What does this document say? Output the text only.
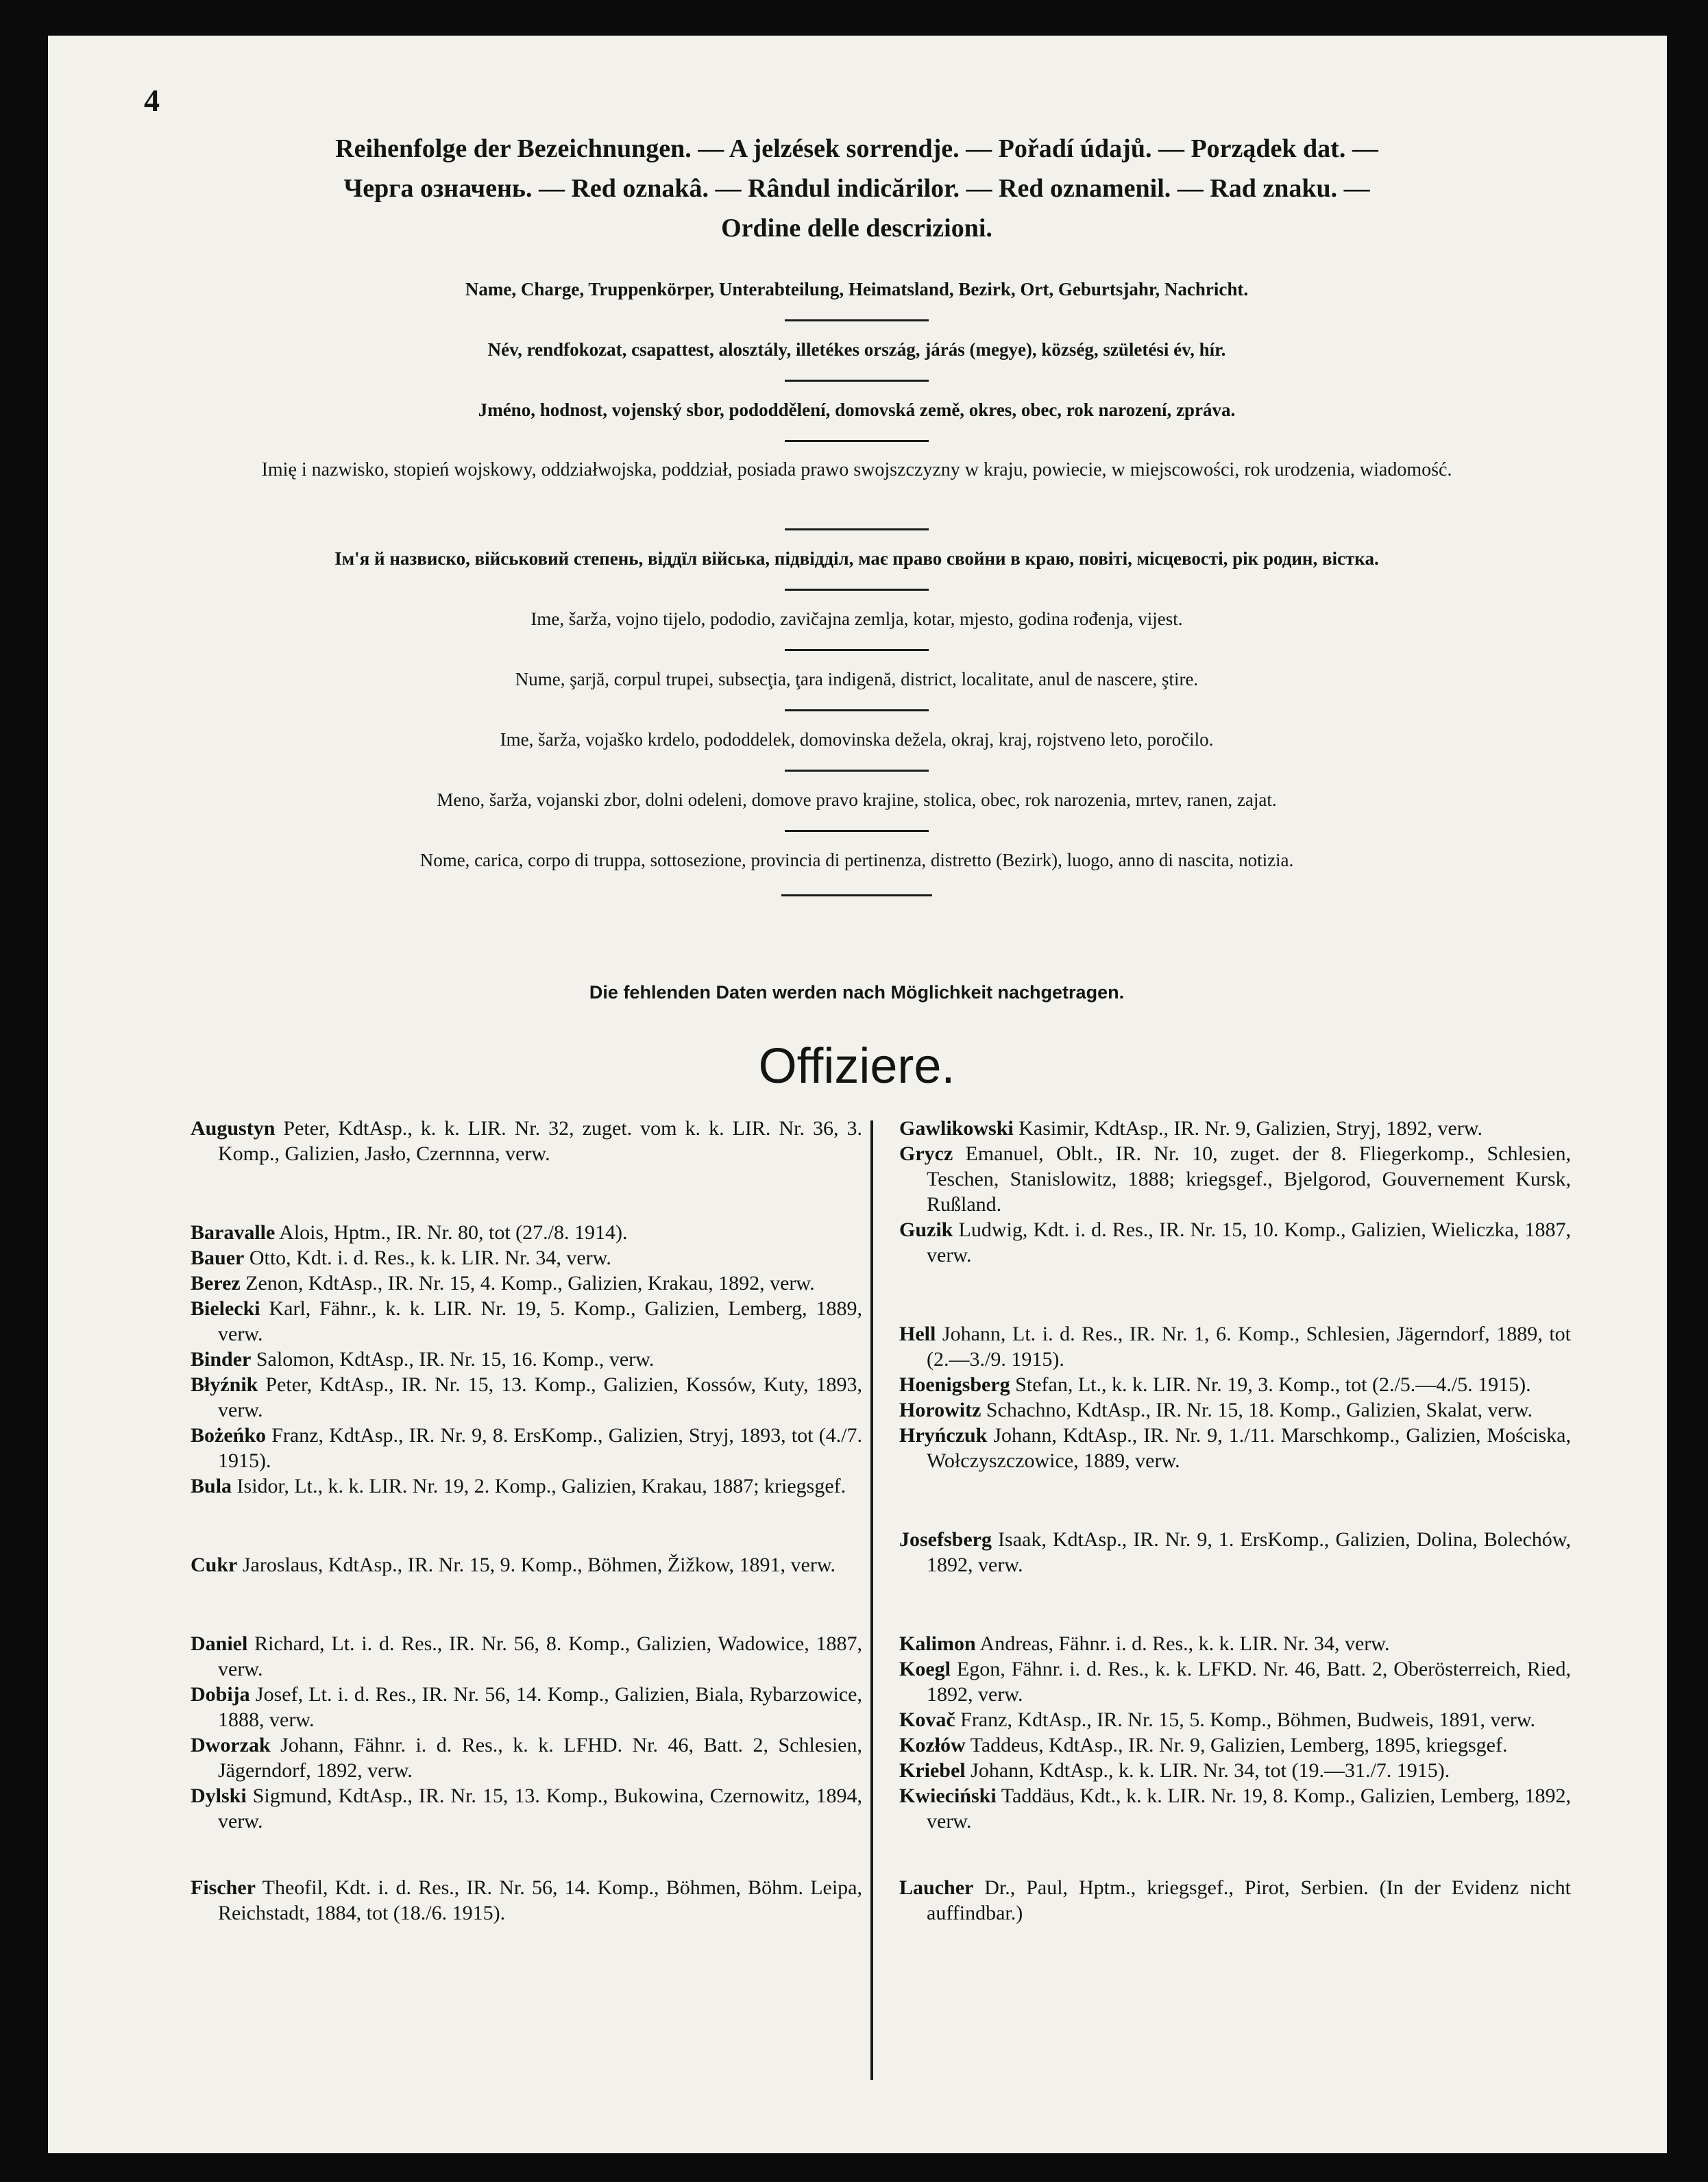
4
Reihenfolge der Bezeichnungen. — A jelzések sorrendje. — Pořadí údajů. — Porządek dat. —
Черга означень. — Red oznakâ. — Rândul indicărilor. — Red oznamenil. — Rad znaku. —
Ordine delle descrizioni.
Name, Charge, Truppenkörper, Unterabteilung, Heimatsland, Bezirk, Ort, Geburtsjahr, Nachricht.
Név, rendfokozat, csapattest, alosztály, illetékes ország, járás (megye), község, születési év, hír.
Jméno, hodnost, vojenský sbor, pododdělení, domovská země, okres, obec, rok narození, zpráva.
Imię i nazwisko, stopień wojskowy, oddziałwojska, poddział, posiada prawo swojszczyzny w kraju, powiecie, w miejscowości, rok urodzenia, wiadomość.
Ім'я й назвиско, військовий степень, віддїл війська, підвідділ, має право свойни в краю, повіті, місцевості, рік родин, вістка.
Ime, šarža, vojno tijelo, pododio, zavičajna zemlja, kotar, mjesto, godina rođenja, vijest.
Nume, şarjă, corpul trupei, subsecţia, ţara indigenă, district, localitate, anul de nascere, ştire.
Ime, šarža, vojaško krdelo, pododdelek, domovinska dežela, okraj, kraj, rojstveno leto, poročilo.
Meno, šarža, vojanski zbor, dolni odeleni, domove pravo krajine, stolica, obec, rok narozenia, mrtev, ranen, zajat.
Nome, carica, corpo di truppa, sottosezione, provincia di pertinenza, distretto (Bezirk), luogo, anno di nascita, notizia.
Die fehlenden Daten werden nach Möglichkeit nachgetragen.
Offiziere.

Augustyn Peter, KdtAsp., k. k. LIR. Nr. 32, zuget. vom k. k. LIR. Nr. 36, 3. Komp., Galizien, Jasło, Czernnna, verw.

Baravalle Alois, Hptm., IR. Nr. 80, tot (27./8. 1914).

Bauer Otto, Kdt. i. d. Res., k. k. LIR. Nr. 34, verw.

Berez Zenon, KdtAsp., IR. Nr. 15, 4. Komp., Galizien, Krakau, 1892, verw.

Bielecki Karl, Fähnr., k. k. LIR. Nr. 19, 5. Komp., Galizien, Lemberg, 1889, verw.

Binder Salomon, KdtAsp., IR. Nr. 15, 16. Komp., verw.

Błyźnik Peter, KdtAsp., IR. Nr. 15, 13. Komp., Galizien, Kossów, Kuty, 1893, verw.

Bożeńko Franz, KdtAsp., IR. Nr. 9, 8. ErsKomp., Galizien, Stryj, 1893, tot (4./7. 1915).

Bula Isidor, Lt., k. k. LIR. Nr. 19, 2. Komp., Galizien, Krakau, 1887; kriegsgef.

Cukr Jaroslaus, KdtAsp., IR. Nr. 15, 9. Komp., Böhmen, Žižkow, 1891, verw.

Daniel Richard, Lt. i. d. Res., IR. Nr. 56, 8. Komp., Galizien, Wadowice, 1887, verw.

Dobija Josef, Lt. i. d. Res., IR. Nr. 56, 14. Komp., Galizien, Biala, Rybarzowice, 1888, verw.

Dworzak Johann, Fähnr. i. d. Res., k. k. LFHD. Nr. 46, Batt. 2, Schlesien, Jägerndorf, 1892, verw.

Dylski Sigmund, KdtAsp., IR. Nr. 15, 13. Komp., Bukowina, Czernowitz, 1894, verw.

Fischer Theofil, Kdt. i. d. Res., IR. Nr. 56, 14. Komp., Böhmen, Böhm. Leipa, Reichstadt, 1884, tot (18./6. 1915).

Gawlikowski Kasimir, KdtAsp., IR. Nr. 9, Galizien, Stryj, 1892, verw.

Grycz Emanuel, Oblt., IR. Nr. 10, zuget. der 8. Fliegerkomp., Schlesien, Teschen, Stanislowitz, 1888; kriegsgef., Bjelgorod, Gouvernement Kursk, Rußland.

Guzik Ludwig, Kdt. i. d. Res., IR. Nr. 15, 10. Komp., Galizien, Wieliczka, 1887, verw.

Hell Johann, Lt. i. d. Res., IR. Nr. 1, 6. Komp., Schlesien, Jägerndorf, 1889, tot (2.—3./9. 1915).

Hoenigsberg Stefan, Lt., k. k. LIR. Nr. 19, 3. Komp., tot (2./5.—4./5. 1915).

Horowitz Schachno, KdtAsp., IR. Nr. 15, 18. Komp., Galizien, Skalat, verw.

Hryńczuk Johann, KdtAsp., IR. Nr. 9, 1./11. Marschkomp., Galizien, Mościska, Wołczyszczowice, 1889, verw.

Josefsberg Isaak, KdtAsp., IR. Nr. 9, 1. ErsKomp., Galizien, Dolina, Bolechów, 1892, verw.

Kalimon Andreas, Fähnr. i. d. Res., k. k. LIR. Nr. 34, verw.

Koegl Egon, Fähnr. i. d. Res., k. k. LFKD. Nr. 46, Batt. 2, Oberösterreich, Ried, 1892, verw.

Kovač Franz, KdtAsp., IR. Nr. 15, 5. Komp., Böhmen, Budweis, 1891, verw.

Kozłów Taddeus, KdtAsp., IR. Nr. 9, Galizien, Lemberg, 1895, kriegsgef.

Kriebel Johann, KdtAsp., k. k. LIR. Nr. 34, tot (19.—31./7. 1915).

Kwieciński Taddäus, Kdt., k. k. LIR. Nr. 19, 8. Komp., Galizien, Lemberg, 1892, verw.

Laucher Dr., Paul, Hptm., kriegsgef., Pirot, Serbien. (In der Evidenz nicht auffindbar.)
